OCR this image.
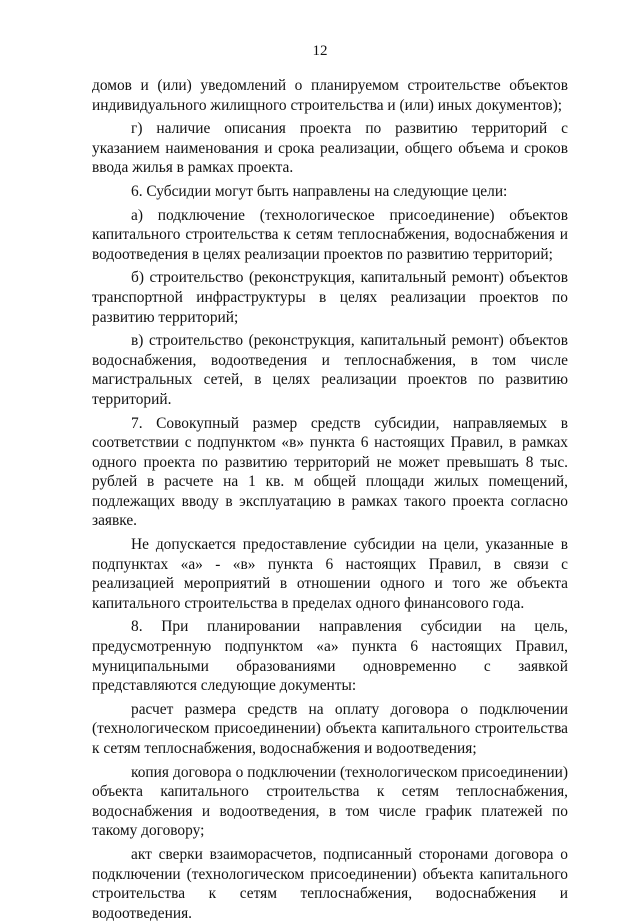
12

домов и (или) уведомлений о планируемом строительстве объектов индивидуального жилищного строительства и (или) иных документов);

г) наличие описания проекта по развитию территорий с указанием наименования и срока реализации, общего объема и сроков ввода жилья в рамках проекта.

6. Субсидии могут быть направлены на следующие цели:

а) подключение (технологическое присоединение) объектов капитального строительства к сетям теплоснабжения, водоснабжения и водоотведения в целях реализации проектов по развитию территорий;

б) строительство (реконструкция, капитальный ремонт) объектов транспортной инфраструктуры в целях реализации проектов по развитию территорий;

в) строительство (реконструкция, капитальный ремонт) объектов водоснабжения, водоотведения и теплоснабжения, в том числе магистральных сетей, в целях реализации проектов по развитию территорий.

7. Совокупный размер средств субсидии, направляемых в соответствии с подпунктом «в» пункта 6 настоящих Правил, в рамках одного проекта по развитию территорий не может превышать 8 тыс. рублей в расчете на 1 кв. м общей площади жилых помещений, подлежащих вводу в эксплуатацию в рамках такого проекта согласно заявке.

Не допускается предоставление субсидии на цели, указанные в подпунктах «а» - «в» пункта 6 настоящих Правил, в связи с реализацией мероприятий в отношении одного и того же объекта капитального строительства в пределах одного финансового года.

8. При планировании направления субсидии на цель, предусмотренную подпунктом «а» пункта 6 настоящих Правил, муниципальными образованиями одновременно с заявкой представляются следующие документы:

расчет размера средств на оплату договора о подключении (технологическом присоединении) объекта капитального строительства к сетям теплоснабжения, водоснабжения и водоотведения;

копия договора о подключении (технологическом присоединении) объекта капитального строительства к сетям теплоснабжения, водоснабжения и водоотведения, в том числе график платежей по такому договору;

акт сверки взаиморасчетов, подписанный сторонами договора о подключении (технологическом присоединении) объекта капитального строительства к сетям теплоснабжения, водоснабжения и водоотведения.
